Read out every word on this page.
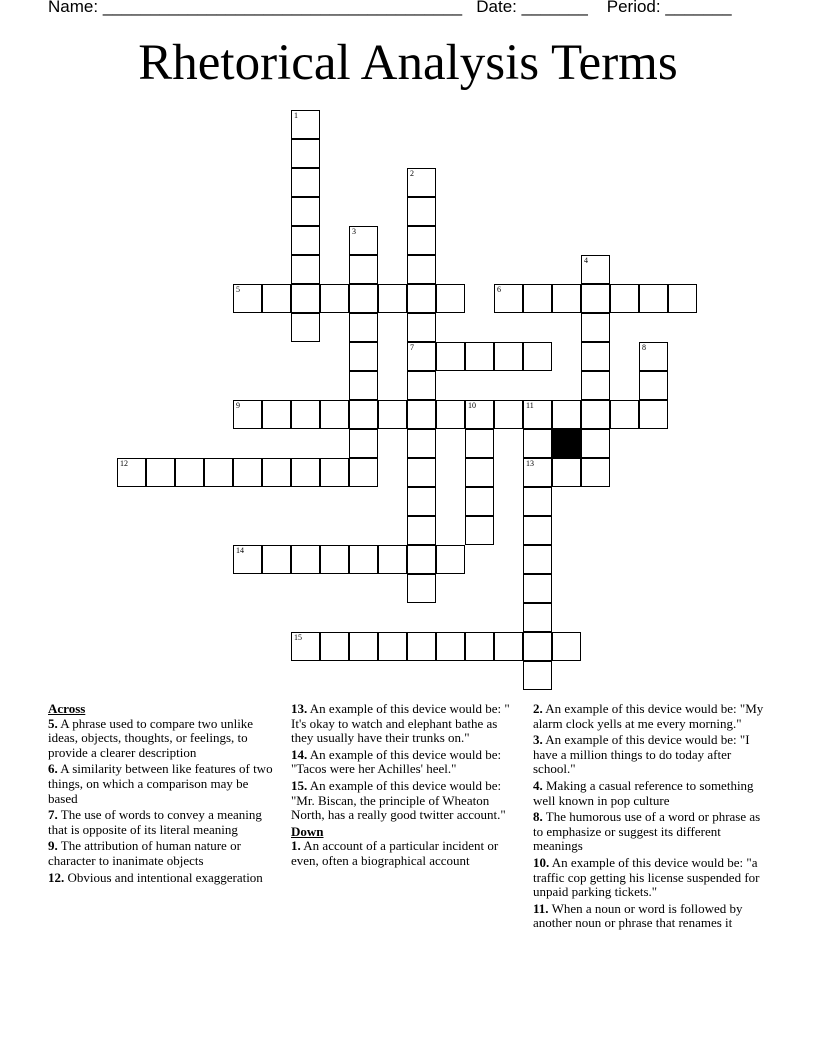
Name: ______________________________________ Date: _______ Period: _______
Rhetorical Analysis Terms
1
2
7
3
4
5	6
8
9	10	11
12	13
14
15
Across
5. A phrase used to compare two unlike ideas, objects, thoughts, or feelings, to provide a clearer description
6. A similarity between like features of two things, on which a comparison may be based
7. The use of words to convey a meaning that is opposite of its literal meaning
9. The attribution of human nature or character to inanimate objects
12. Obvious and intentional exaggeration
13. An example of this device would be: " It's okay to watch and elephant bathe as they usually have their trunks on."
14. An example of this device would be: "Tacos were her Achilles' heel."
15. An example of this device would be: "Mr. Biscan, the principle of Wheaton North, has a really good twitter account."
Down
1. An account of a particular incident or even, often a biographical account
2. An example of this device would be: "My alarm clock yells at me every morning."
3. An example of this device would be: "I have a million things to do today after school."
4. Making a casual reference to something well known in pop culture
8. The humorous use of a word or phrase as to emphasize or suggest its different meanings
10. An example of this device would be: "a traffic cop getting his license suspended for unpaid parking tickets."
11. When a noun or word is followed by another noun or phrase that renames it
